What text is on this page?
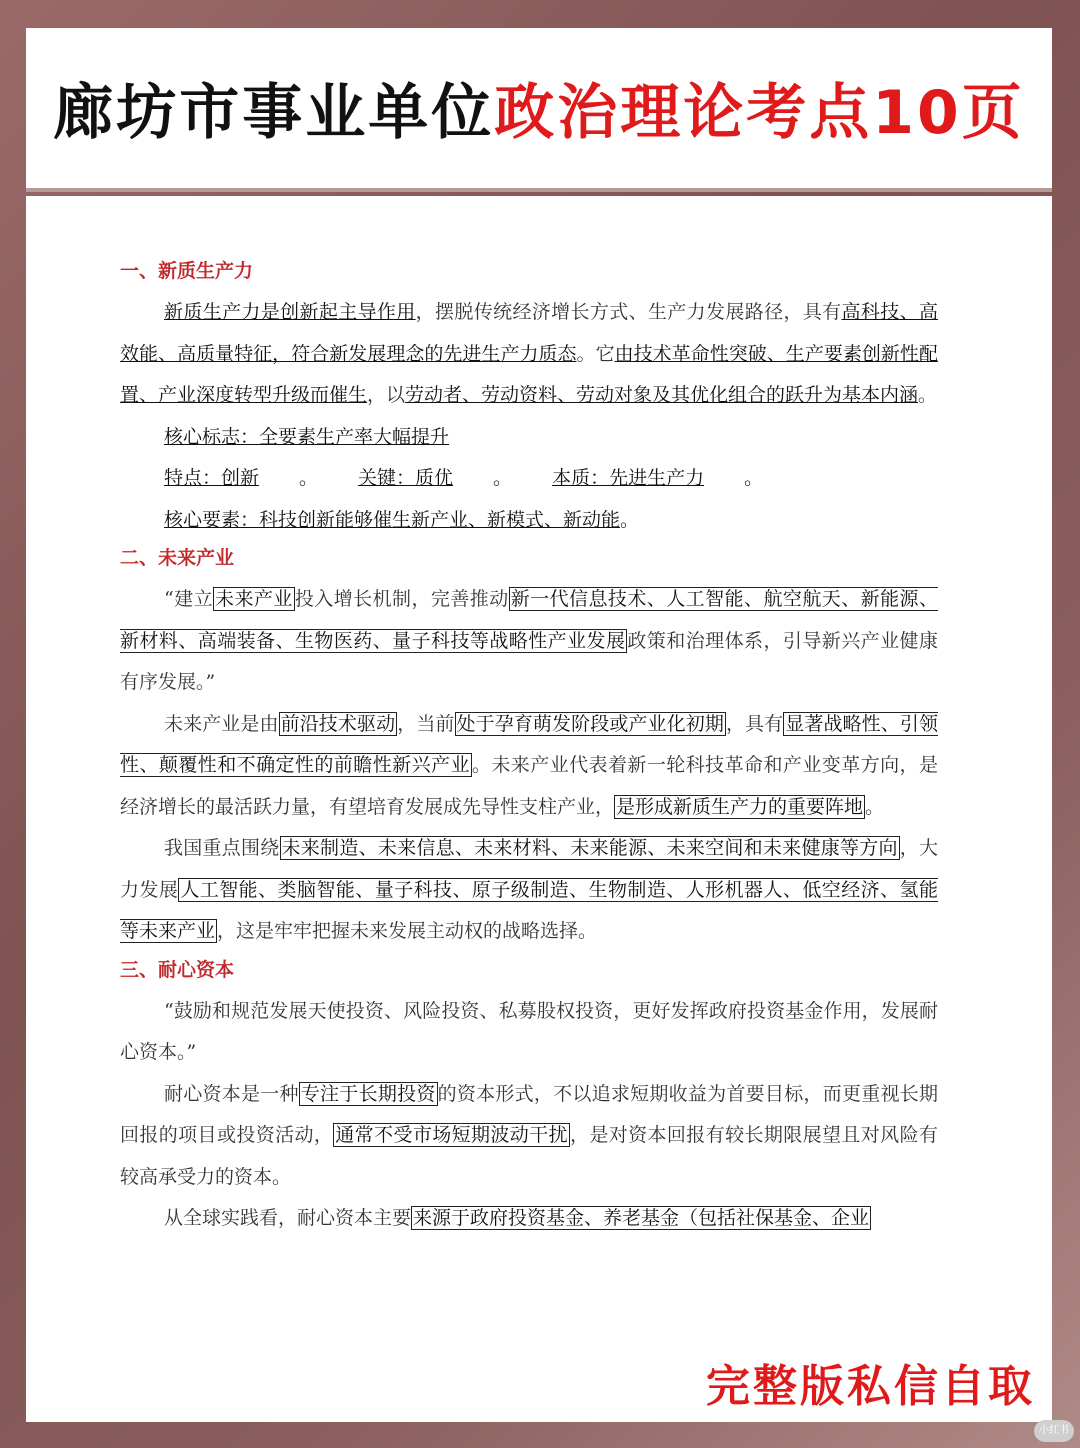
廊坊市事业单位 政治理论考点10页
一、新质生产力

新质生产力是创新起主导作用，摆脱传统经济增长方式、生产力发展路径，具有高科技、高效能、高质量特征，符合新发展理念的先进生产力质态。它由技术革命性突破、生产要素创新性配置、产业深度转型升级而催生，以劳动者、劳动资料、劳动对象及其优化组合的跃升为基本内涵。

核心标志：全要素生产率大幅提升

特点：创新 。 关键：质优 。 本质：先进生产力 。

核心要素：科技创新能够催生新产业、新模式、新动能。

二、未来产业

“建立 未来产业 投入增长机制，完善推动 新一代信息技术、人工智能、航空航天、新能源、新材料、高端装备、生物医药、量子科技等战略性产业发展 政策和治理体系，引导新兴产业健康有序发展。”

未来产业是由 前沿技术驱动 ，当前 处于孕育萌发阶段或产业化初期 ，具有 显著战略性、引领性、颠覆性和不确定性的前瞻性新兴产业 。未来产业代表着新一轮科技革命和产业变革方向，是经济增长的最活跃力量，有望培育发展成先导性支柱产业， 是形成新质生产力的重要阵地 。

我国重点围绕 未来制造、未来信息、未来材料、未来能源、未来空间和未来健康等方向 ，大力发展 人工智能、类脑智能、量子科技、原子级制造、生物制造、人形机器人、低空经济、氢能等未来产业 ，这是牢牢把握未来发展主动权的战略选择。

三、耐心资本

“鼓励和规范发展天使投资、风险投资、私募股权投资，更好发挥政府投资基金作用，发展耐心资本。”

耐心资本是一种 专注于长期投资 的资本形式，不以追求短期收益为首要目标，而更重视长期回报的项目或投资活动， 通常不受市场短期波动干扰 ，是对资本回报有较长期限展望且对风险有较高承受力的资本。

从全球实践看，耐心资本主要 来源于政府投资基金、养老基金（包括社保基金、企业

完整版私信自取
小红书
